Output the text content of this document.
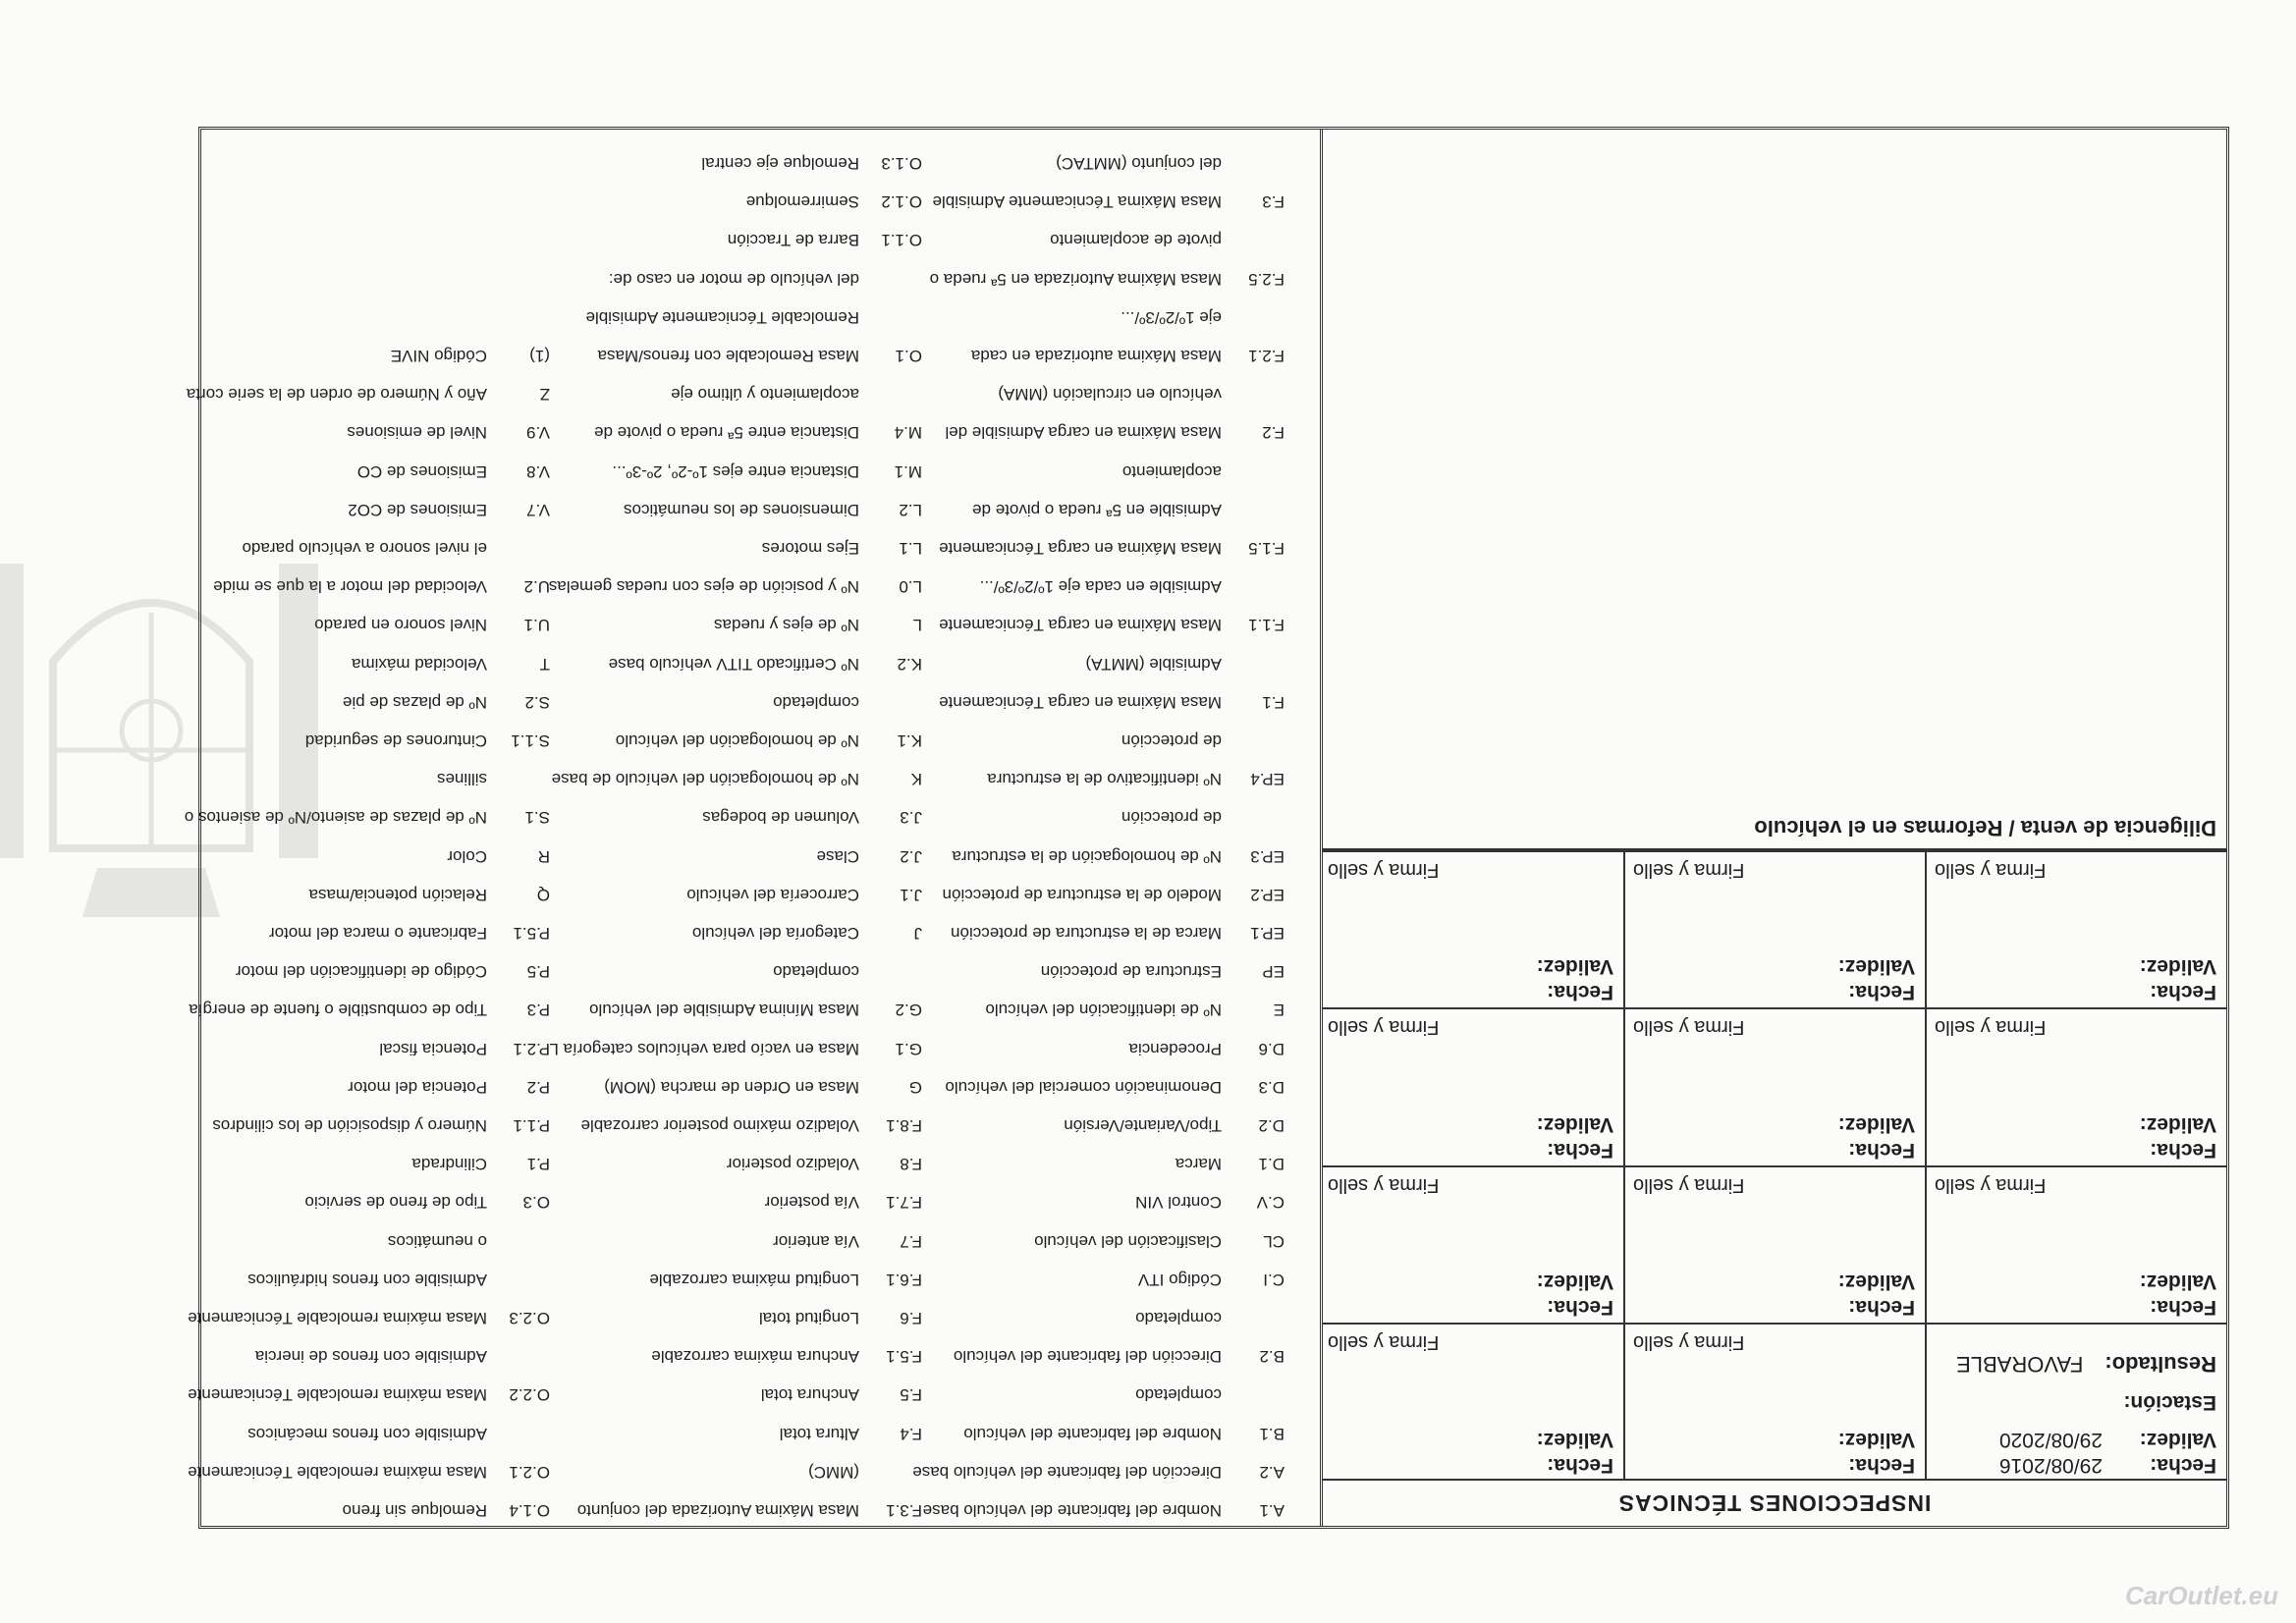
INSPECCIONES TÉCNICAS
Fecha:
Validez:
29/08/2016
29/08/2020
Estación:
Resultado:FAVORABLE
Fecha:
Validez:
Firma y sello
Fecha:
Validez:
Firma y sello
Fecha:
Validez:
Firma y sello
Fecha:
Validez:
Firma y sello
Fecha:
Validez:
Firma y sello
Fecha:
Validez:
Firma y sello
Fecha:
Validez:
Firma y sello
Fecha:
Validez:
Firma y sello
Fecha:
Validez:
Firma y sello
Fecha:
Validez:
Firma y sello
Fecha:
Validez:
Firma y sello
Diligencia de venta / Reformas en el vehículo
A.1Nombre del fabricante del vehículo base
A.2Dirección del fabricante del vehículo base
B.1Nombre del fabricante del vehículo
completado
B.2Dirección del fabricante del vehículo
completado
C.ICódigo ITV
CLClasificación del vehículo
C.VControl VIN
D.1Marca
D.2Tipo/Variante/Versión
D.3Denominación comercial del vehículo
D.6Procedencia
ENº de identificación del vehículo
EPEstructura de protección
EP.1Marca de la estructura de protección
EP.2Modelo de la estructura de protección
EP.3Nº de homologación de la estructura
de protección
EP.4Nº identificativo de la estructura
de protección
F.1Masa Máxima en carga Técnicamente
Admisible (MMTA)
F.1.1Masa Máxima en carga Técnicamente
Admisible en cada eje 1º/2º/3º/...
F.1.5Masa Máxima en carga Técnicamente
Admisible en 5ª rueda o pivote de
acoplamiento
F.2Masa Máxima en carga Admisible del
vehículo en circulación (MMA)
F.2.1Masa Máxima autorizada en cada
eje 1º/2º/3º/...
F.2.5Masa Máxima Autorizada en 5ª rueda o
pivote de acoplamiento
F.3Masa Máxima Técnicamente Admisible
del conjunto (MMTAC)
F.3.1Masa Máxima Autorizada del conjunto
(MMC)
F.4Altura total
F.5Anchura total
F.5.1Anchura máxima carrozable
F.6Longitud total
F.6.1Longitud máxima carrozable
F.7Vía anterior
F.7.1Vía posterior
F.8Voladizo posterior
F.8.1Voladizo máximo posterior carrozable
GMasa en Orden de marcha (MOM)
G.1Masa en vacío para vehículos categoría L
G.2Masa Mínima Admisible del vehículo
completado
JCategoría del vehículo
J.1Carrocería del vehículo
J.2Clase
J.3Volumen de bodegas
KNº de homologación del vehículo de base
K.1Nº de homologación del vehículo
completado
K.2Nº Certificado TITV vehículo base
LNº de ejes y ruedas
L.0Nº y posición de ejes con ruedas gemelas
L.1Ejes motores
L.2Dimensiones de los neumáticos
M.1Distancia entre ejes 1º-2º, 2º-3º...
M.4Distancia entre 5ª rueda o pivote de
acoplamiento y último eje
O.1Masa Remolcable con frenos/Masa
Remolcable Técnicamente Admisible
del vehículo de motor en caso de:
O.1.1Barra de Tracción
O.1.2Semirremolque
O.1.3Remolque eje central
O.1.4Remolque sin freno
O.2.1Masa máxima remolcable Técnicamente
Admisible con frenos mecánicos
O.2.2Masa máxima remolcable Técnicamente
Admisible con frenos de inercia
O.2.3Masa máxima remolcable Técnicamente
Admisible con frenos hidráulicos
o neumáticos
O.3Tipo de freno de servicio
P.1Cilindrada
P.1.1Número y disposición de los cilindros
P.2Potencia del motor
P.2.1Potencia fiscal
P.3Tipo de combustible o fuente de energía
P.5Código de identificación del motor
P.5.1Fabricante o marca del motor
QRelación potencia/masa
RColor
S.1Nº de plazas de asiento/Nº de asientos o
sillines
S.1.1Cinturones de seguridad
S.2Nº de plazas de pie
TVelocidad máxima
U.1Nivel sonoro en parado
U.2Velocidad del motor a la que se mide
el nivel sonoro a vehículo parado
V.7Emisiones de CO2
V.8Emisiones de CO
V.9Nivel de emisiones
ZAño y Número de orden de la serie corta
(1)Código NIVE
CarOutlet.eu
